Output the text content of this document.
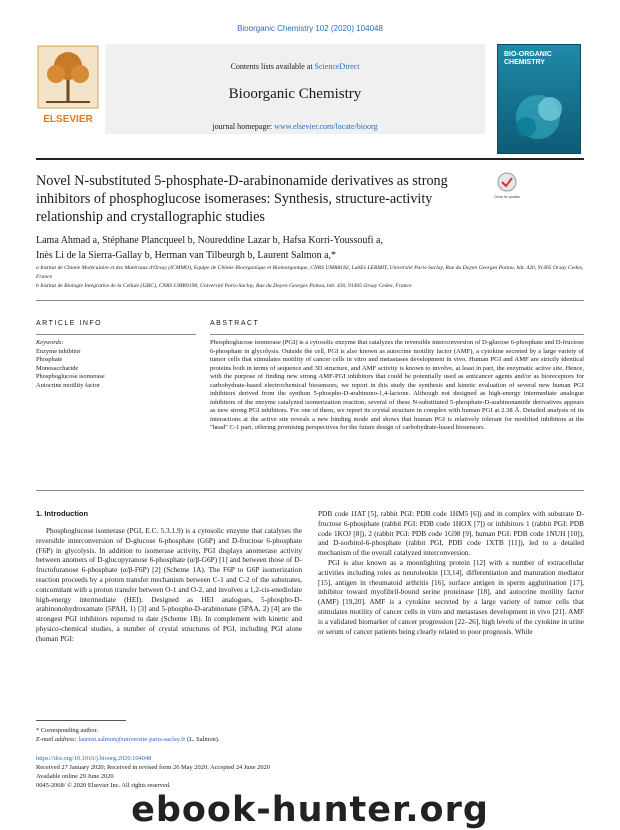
Bioorganic Chemistry 102 (2020) 104048
ELSEVIER
Contents lists available at ScienceDirect
Bioorganic Chemistry
journal homepage: www.elsevier.com/locate/bioorg
BIO-ORGANIC CHEMISTRY
Novel N-substituted 5-phosphate-D-arabinonamide derivatives as strong inhibitors of phosphoglucose isomerases: Synthesis, structure-activity relationship and crystallographic studies
Check for updates
Lama Ahmad a, Stéphane Plancqueel b, Noureddine Lazar b, Hafsa Korri-Youssoufi a,
Inès Li de la Sierra-Gallay b, Herman van Tilbeurgh b, Laurent Salmon a,*
a Institut de Chimie Moléculaire et des Matériaux d'Orsay (ICMMO), Equipe de Chimie Bioorganique et Bioinorganique, CNRS UMR8182, LabEx LERMIT, Université Paris-Saclay, Rue du Doyen Georges Poitou, bât. 420, 91405 Orsay Cedex, France
b Institut de Biologie Intégrative de la Cellule (I2BC), CNRS UMR9198, Université Paris-Saclay, Rue du Doyen Georges Poitou, bât. 430, 91405 Orsay Cedex, France
ARTICLE INFO	ABSTRACT
Keywords:
Enzyme inhibitor
Phosphate
Monosaccharide
Phosphoglucose isomerase
Autocrine motility factor
Phosphoglucose isomerase (PGI) is a cytosolic enzyme that catalyzes the reversible interconversion of D-glucose 6-phosphate and D-fructose 6-phosphate in glycolysis. Outside the cell, PGI is also known as autocrine motility factor (AMF), a cytokine secreted by a large variety of tumor cells that stimulates motility of cancer cells in vitro and metastases development in vivo. Human PGI and AMF are strictly identical proteins both in terms of sequence and 3D structure, and AMF activity is known to involve, at least in part, the enzymatic active site. Hence, with the purpose of finding new strong AMF-PGI inhibitors that could be potentially used as anticancer agents and/or as bioreceptors for carbohydrate-based electrochemical biosensors, we report in this study the synthesis and kinetic evaluation of several new human PGI inhibitors derived from the synthon 5-phospho-D-arabinono-1,4-lactone. Although not designed as high-energy intermediate analogue inhibitors of the enzyme catalyzed isomerization reaction, several of these N-substituted 5-phosphate-D-arabinonamide derivatives appears as new strong PGI inhibitors. For one of them, we report its crystal structure in complex with human PGI at 2.38 Å. Detailed analysis of its interactions at the active site reveals a new binding mode and shows that human PGI is relatively tolerant for modified inhibitors at the "head" C-1 part, offering promising perspectives for the future design of carbohydrate-based biosensors.
1. Introduction
Phosphoglucose isomerase (PGI, E.C. 5.3.1.9) is a cytosolic enzyme that catalyses the reversible interconversion of D-glucose 6-phosphate (G6P) and D-fructose 6-phosphate (F6P) in glycolysis. In addition to isomerase activity, PGI displays anomerase activity between anomers of D-glucopyranose 6-phosphate (α/β-G6P) [1] and between those of D-fructofuranose 6-phosphate (α/β-F6P) [2] (Scheme 1A). The F6P to G6P isomerization reaction proceeds by a proton transfer mechanism between C-1 and C-2 of the substrates, concomitant with a proton transfer between O-1 and O-2, and involves a 1,2-cis-enediolate high-energy intermediate (HEI). Designed as HEI analogues, 5-phospho-D-arabinonohydroxamate (5PAH, 1) [3] and 5-phospho-D-arabinonate (5PAA, 2) [4] are the strongest PGI inhibitors reported to date (Scheme 1B). In complement with kinetic and physico-chemical studies, a number of crystal structures of PGI, including PGI alone (human PGI:

PDB code 1IAT [5], rabbit PGI: PDB code 1HM5 [6]) and in complex with substrate D-fructose 6-phosphate (rabbit PGI: PDB code 1HOX [7]) or inhibitors 1 (rabbit PGI: PDB code 1KOJ [8]), 2 (rabbit PGI: PDB code 1G98 [9], human PGI: PDB code 1NUH [10]), and D-sorbitol-6-phosphate (rabbit PGI, PDB code 1XTB [11]), led to a detailed mechanism of the overall catalyzed interconversion.

PGI is also known as a moonlighting protein [12] with a number of extracellular activities including roles as neuroleukin [13,14], differentiation and maturation mediator [15], antigen in rheumatoid arthritis [16], surface antigen in sperm agglutination [17], inhibitor toward myofibril-bound serine proteinase [18], and autocrine motility factor (AMF) [19,20]. AMF is a cytokine secreted by a large variety of tumor cells that stimulates motility of cancer cells in vitro and metastases development in vivo [21]. AMF is a validated biomarker of cancer progression [22–26], high levels of the cytokine in urine or serum of cancer patients being clearly related to poor prognosis. While

* Corresponding author.
E-mail address: laurent.salmon@universite-paris-saclay.fr (L. Salmon).
https://doi.org/10.1016/j.bioorg.2020.104048
Received 27 January 2020; Received in revised form 26 May 2020; Accepted 24 June 2020
Available online 29 June 2020
0045-2068/ © 2020 Elsevier Inc. All rights reserved.
ebook-hunter.org
